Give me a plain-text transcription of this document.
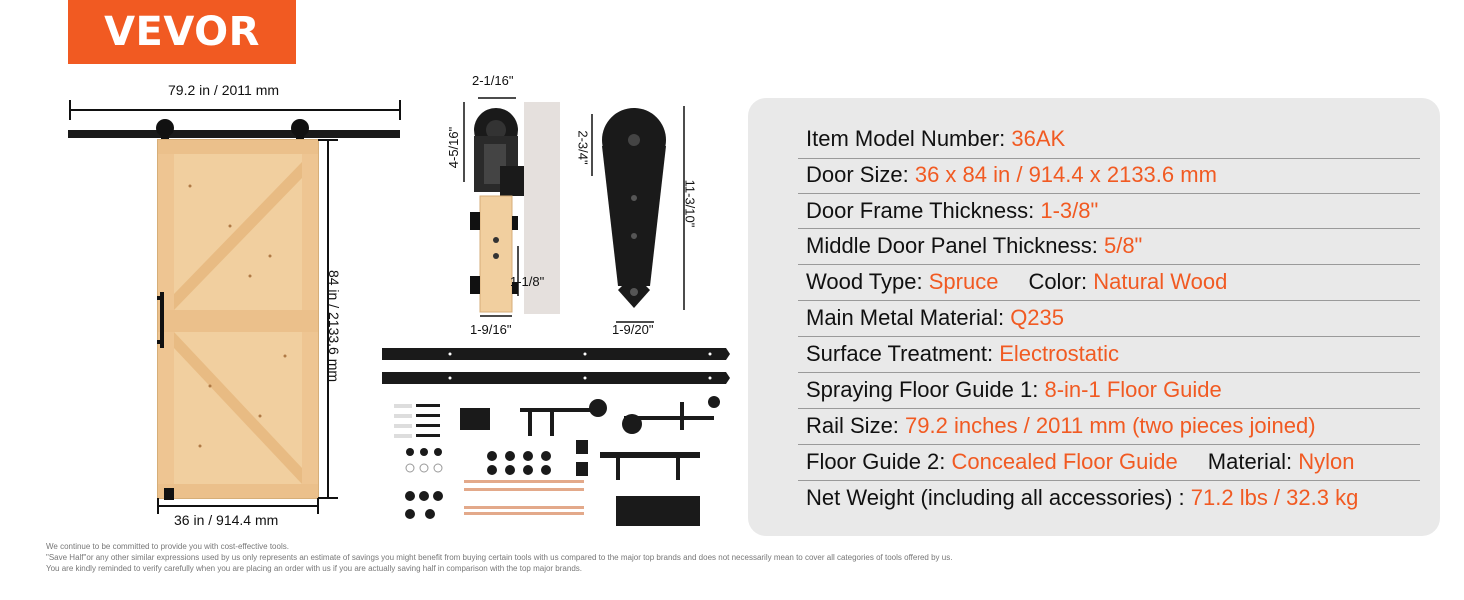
VEVOR
79.2 in / 2011 mm
84 in / 2133.6 mm
36 in / 914.4 mm
2-1/16"
4-5/16"
1-1/8"
1-9/16"
2-3/4"
11-3/10"
1-9/20"
Item Model Number: 36AK
Door Size: 36 x 84 in / 914.4 x 2133.6 mm
Door Frame Thickness: 1-3/8"
Middle Door Panel Thickness: 5/8"
Wood Type: Spruce Color: Natural Wood
Main Metal Material: Q235
Surface Treatment: Electrostatic
Spraying Floor Guide 1: 8-in-1 Floor Guide
Rail Size: 79.2 inches / 2011 mm (two pieces joined)
Floor Guide 2: Concealed Floor Guide Material: Nylon
Net Weight (including all accessories) : 71.2 lbs / 32.3 kg
We continue to be committed to provide you with cost-effective tools.
"Save Half"or any other similar expressions used by us only represents an estimate of savings you might benefit from buying certain tools with us compared to the major top brands and does not necessarily mean to cover all categories of tools offered by us.
You are kindly reminded to verify carefully when you are placing an order with us if you are actually saving half in comparison with the top major brands.
